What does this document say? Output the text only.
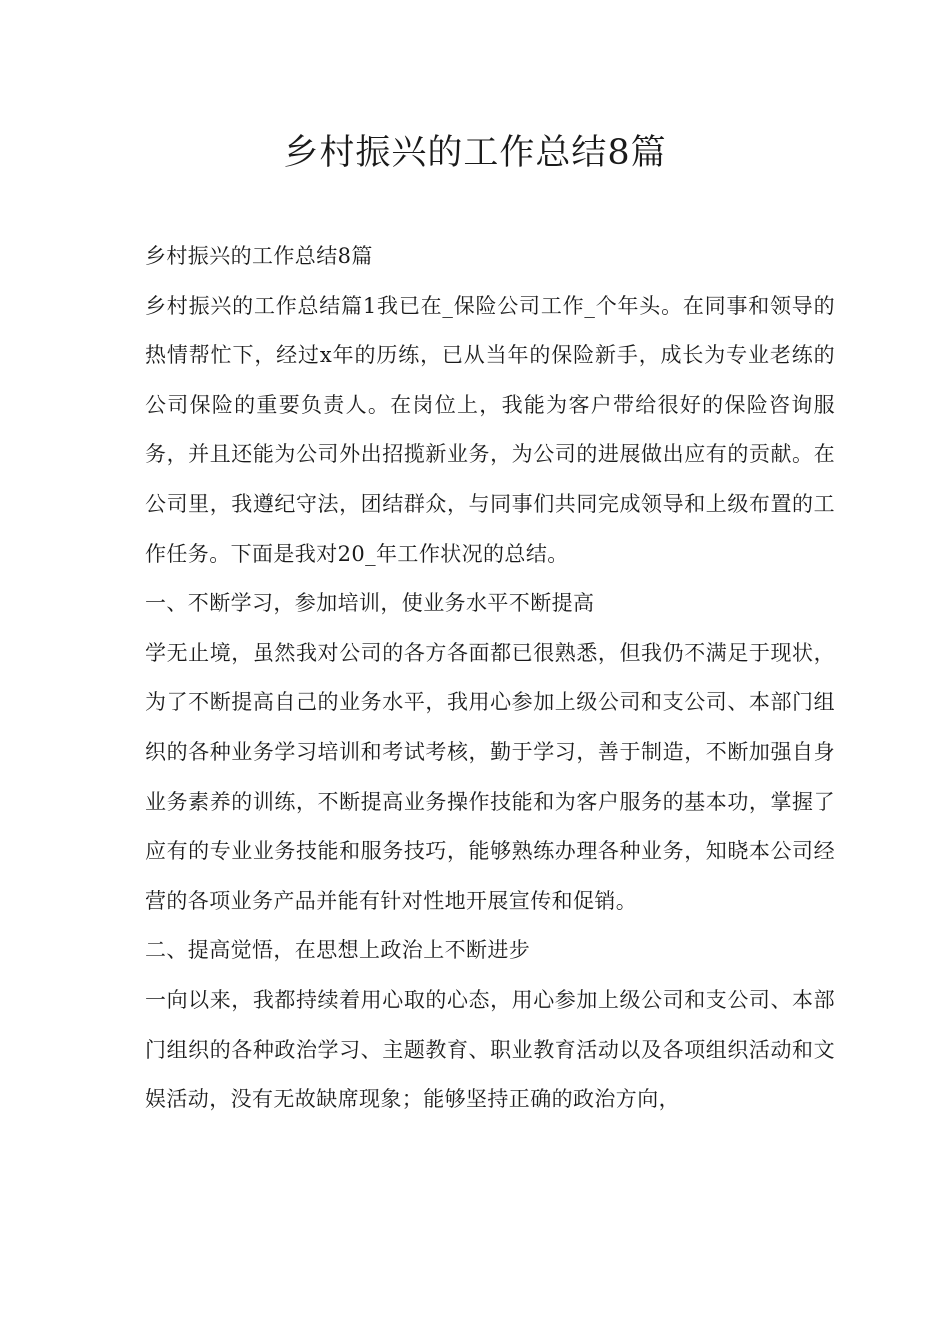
乡村振兴的工作总结8篇

乡村振兴的工作总结8篇

乡村振兴的工作总结篇1我已在_保险公司工作_个年头。在同事和领导的热情帮忙下，经过x年的历练，已从当年的保险新手，成长为专业老练的公司保险的重要负责人。在岗位上，我能为客户带给很好的保险咨询服务，并且还能为公司外出招揽新业务，为公司的进展做出应有的贡献。在公司里，我遵纪守法，团结群众，与同事们共同完成领导和上级布置的工作任务。下面是我对20_年工作状况的总结。

一、不断学习，参加培训，使业务水平不断提高

学无止境，虽然我对公司的各方各面都已很熟悉，但我仍不满足于现状，为了不断提高自己的业务水平，我用心参加上级公司和支公司、本部门组织的各种业务学习培训和考试考核，勤于学习，善于制造，不断加强自身业务素养的训练，不断提高业务操作技能和为客户服务的基本功，掌握了应有的专业业务技能和服务技巧，能够熟练办理各种业务，知晓本公司经营的各项业务产品并能有针对性地开展宣传和促销。

二、提高觉悟，在思想上政治上不断进步

一向以来，我都持续着用心取的心态，用心参加上级公司和支公司、本部门组织的各种政治学习、主题教育、职业教育活动以及各项组织活动和文娱活动，没有无故缺席现象；能够坚持正确的政治方向，
